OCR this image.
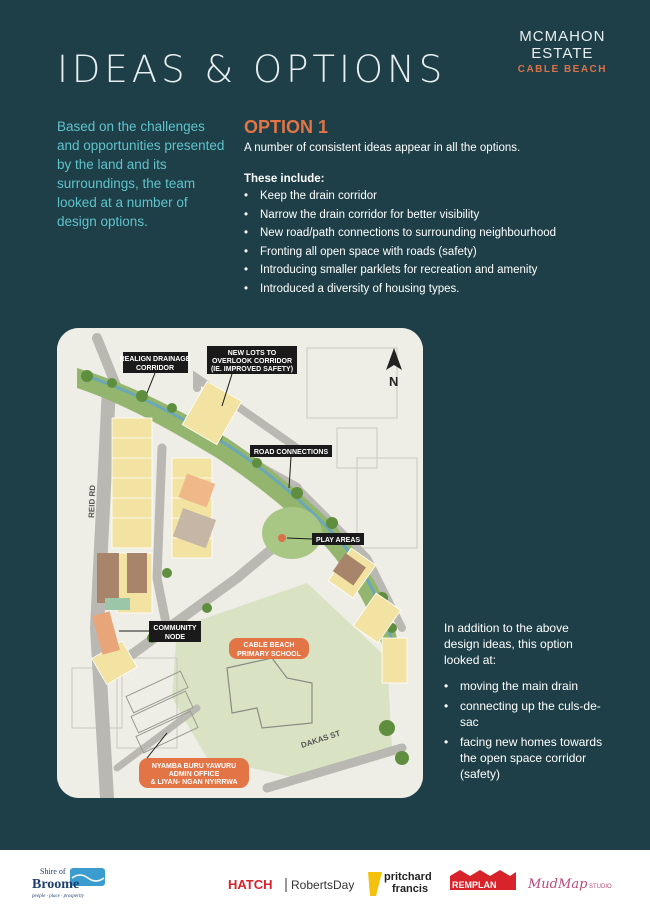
IDEAS & OPTIONS
MCMAHON
ESTATE
CABLE BEACH
Based on the challenges and opportunities presented by the land and its surroundings, the team looked at a number of design options.
OPTION 1
A number of consistent ideas appear in all the options.
These include:
• Keep the drain corridor
• Narrow the drain corridor for better visibility
• New road/path connections to surrounding neighbourhood
• Fronting all open space with roads (safety)
• Introducing smaller parklets for recreation and amenity
• Introduced a diversity of housing types.
REID RD
DAKAS ST
N
REALIGN DRAINAGE
CORRIDOR
NEW LOTS TO
OVERLOOK CORRIDOR
(IE. IMPROVED SAFETY)
ROAD CONNECTIONS
PLAY AREAS
COMMUNITY
NODE
CABLE BEACH
PRIMARY SCHOOL
NYAMBA BURU YAWURU
ADMIN OFFICE
& LIYAN- NGAN NYIRRWA
In addition to the above design ideas, this option looked at:
• moving the main drain
• connecting up the culs-de-sac
• facing new homes towards the open space corridor (safety)
Shire of
Broome
people · place · prosperity
HATCH RobertsDay
pritchard
francis	REMPLAN MudMap STUDIO
